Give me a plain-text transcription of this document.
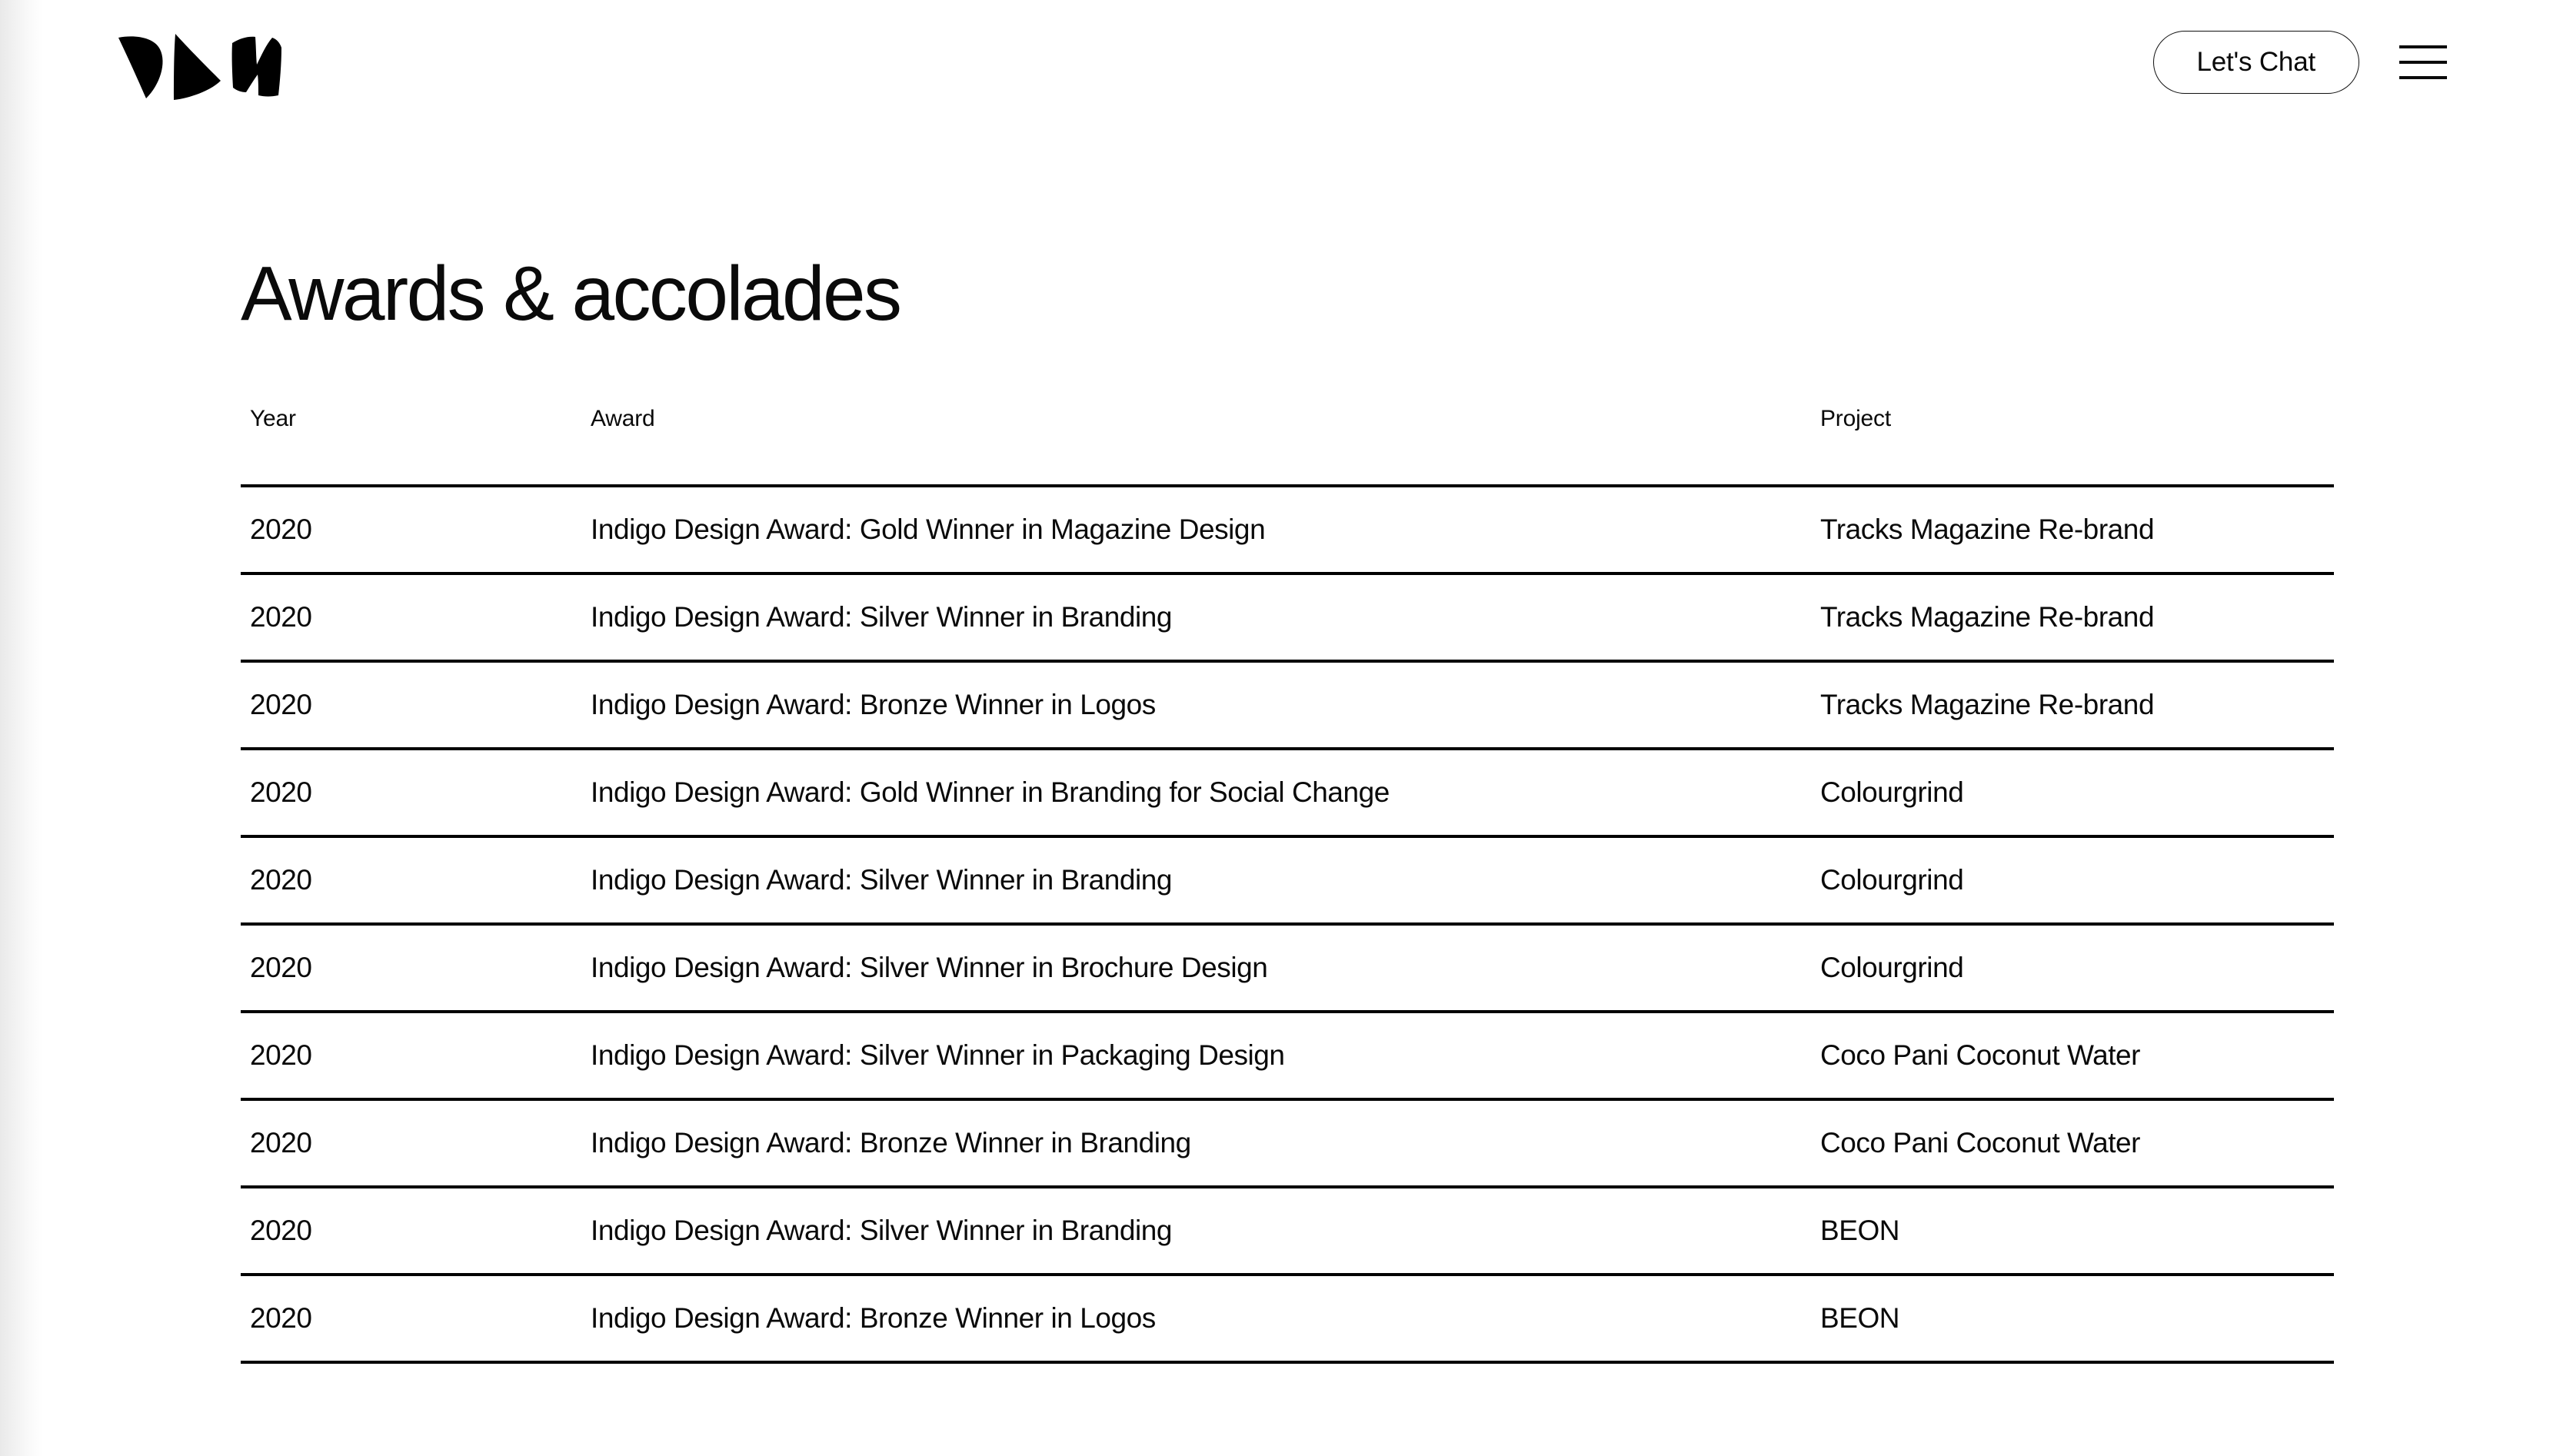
Let's Chat
Awards & accolades
Year	Award	Project
2020	Indigo Design Award: Gold Winner in Magazine Design	Tracks Magazine Re-brand
2020	Indigo Design Award: Silver Winner in Branding	Tracks Magazine Re-brand
2020	Indigo Design Award: Bronze Winner in Logos	Tracks Magazine Re-brand
2020	Indigo Design Award: Gold Winner in Branding for Social Change	Colourgrind
2020	Indigo Design Award: Silver Winner in Branding	Colourgrind
2020	Indigo Design Award: Silver Winner in Brochure Design	Colourgrind
2020	Indigo Design Award: Silver Winner in Packaging Design	Coco Pani Coconut Water
2020	Indigo Design Award: Bronze Winner in Branding	Coco Pani Coconut Water
2020	Indigo Design Award: Silver Winner in Branding	BEON
2020	Indigo Design Award: Bronze Winner in Logos	BEON
